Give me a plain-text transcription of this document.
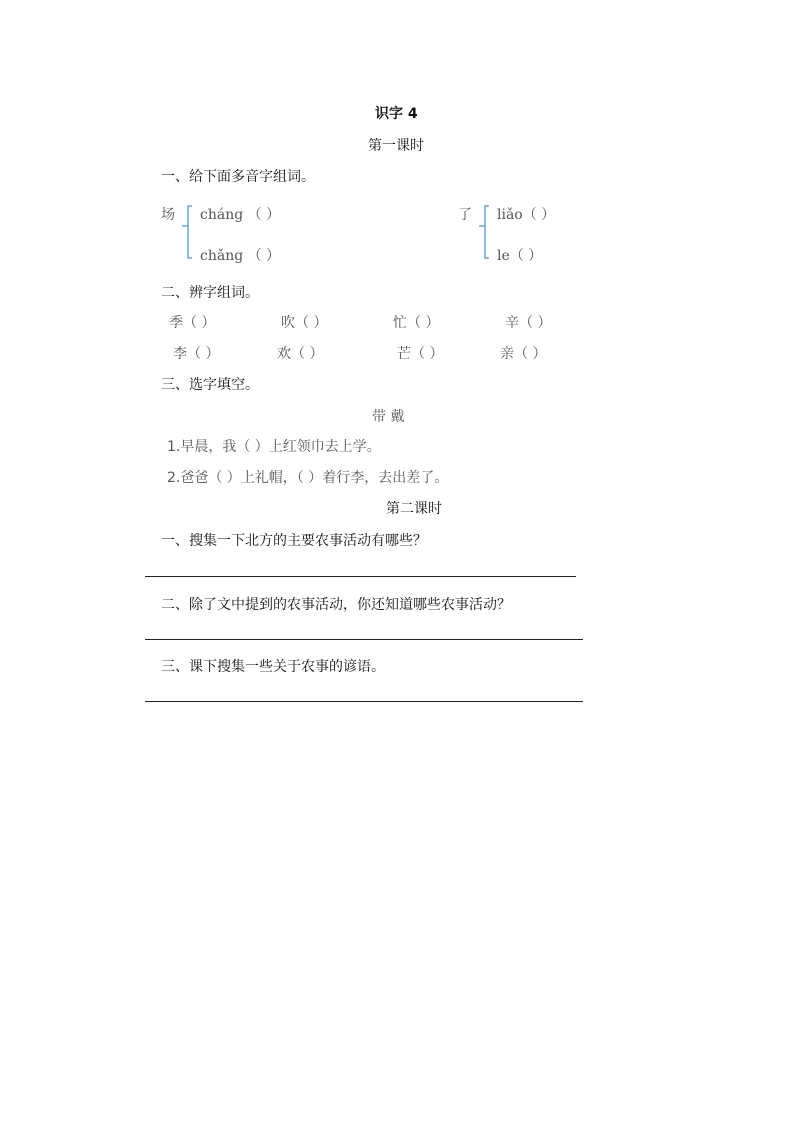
识字 4
第一课时
一、给下面多音字组词。
场 cháng （ ）
chǎng （ ）
了 liǎo（ ）
le（ ）
二、辨字组词。
季（ ）	吹（ ）	忙（ ）	辛（ ）
李（ ）	欢（ ）	芒（ ）	亲（ ）
三、选字填空。
带 戴
1.早晨，我（ ）上红领巾去上学。
2.爸爸（ ）上礼帽，（ ）着行李，去出差了。
第二课时
一、搜集一下北方的主要农事活动有哪些？
二、除了文中提到的农事活动，你还知道哪些农事活动？
三、课下搜集一些关于农事的谚语。
